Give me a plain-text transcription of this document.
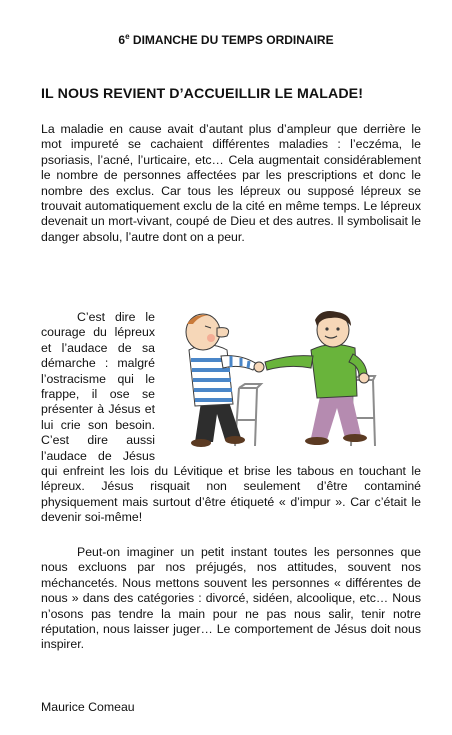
6e DIMANCHE DU TEMPS ORDINAIRE
IL NOUS REVIENT D’ACCUEILLIR LE MALADE!
La maladie en cause avait d’autant plus d’ampleur que derrière le mot impureté se cachaient différentes maladies : l’eczéma, le psoriasis, l’acné, l’urticaire, etc… Cela augmentait considérablement le nombre de personnes affectées par les prescriptions et donc le nombre des exclus. Car tous les lépreux ou supposé lépreux se trouvait automatiquement exclu de la cité en même temps. Le lépreux devenait un mort-vivant, coupé de Dieu et des autres. Il symbolisait le danger absolu, l’autre dont on a peur.
C’est dire le courage du lépreux et l’audace de sa démarche : malgré l’ostracisme qui le frappe, il ose se présenter à Jésus et lui crie son besoin. C’est dire aussi l’audace de Jésus qui enfreint les lois du Lévitique et brise les tabous en touchant le lépreux. Jésus risquait non seulement d’être contaminé physiquement mais surtout d’être étiqueté « d’impur ». Car c’était le devenir soi-même!
Peut-on imaginer un petit instant toutes les personnes que nous excluons par nos préjugés, nos attitudes, souvent nos méchancetés. Nous mettons souvent les personnes « différentes de nous » dans des catégories : divorcé, sidéen, alcoolique, etc… Nous n’osons pas tendre la main pour ne pas nous salir, tenir notre réputation, nous laisser juger… Le comportement de Jésus doit nous inspirer.
Maurice Comeau
